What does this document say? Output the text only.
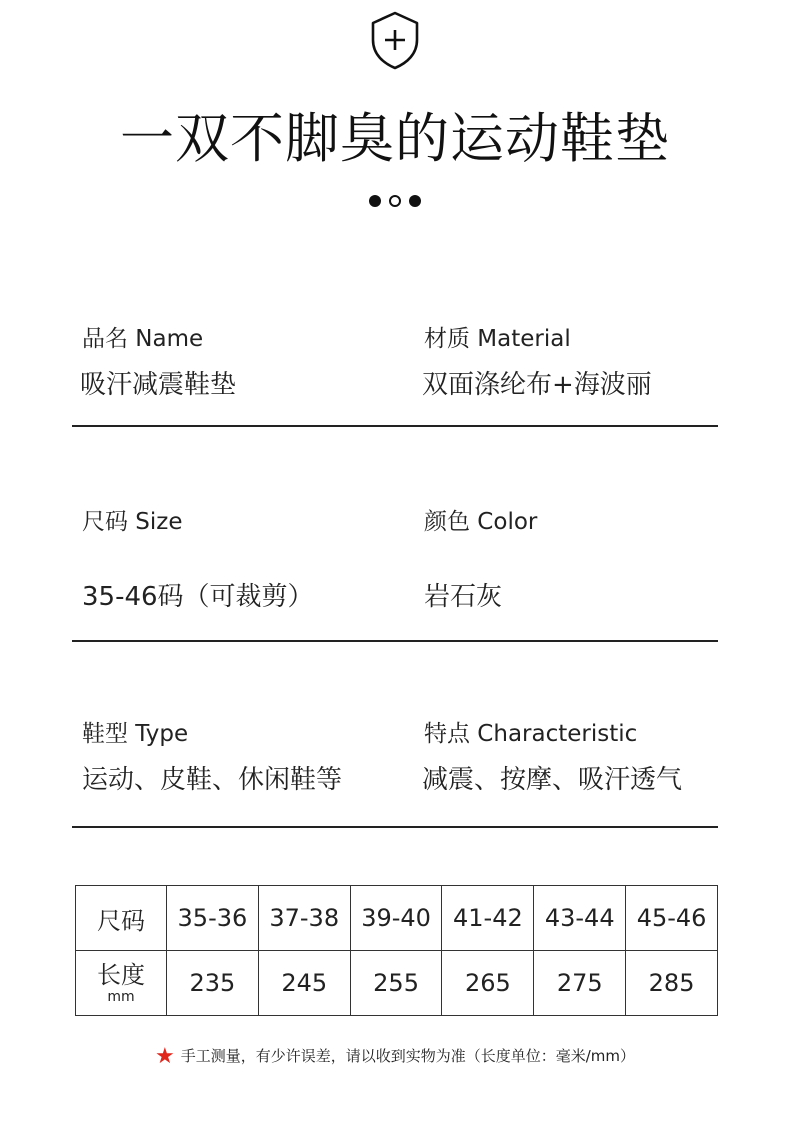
一双不脚臭的运动鞋垫
品名 Name
吸汗减震鞋垫
材质 Material
双面涤纶布+海波丽
尺码 Size
35-46码（可裁剪）
颜色 Color
岩石灰
鞋型 Type
运动、皮鞋、休闲鞋等
特点 Characteristic
减震、按摩、吸汗透气
尺码	35-36	37-38	39-40	41-42	43-44	45-46

长度
mm	235	245	255	265	275	285
★ 手工测量，有少许误差，请以收到实物为准（长度单位：毫米/mm）
